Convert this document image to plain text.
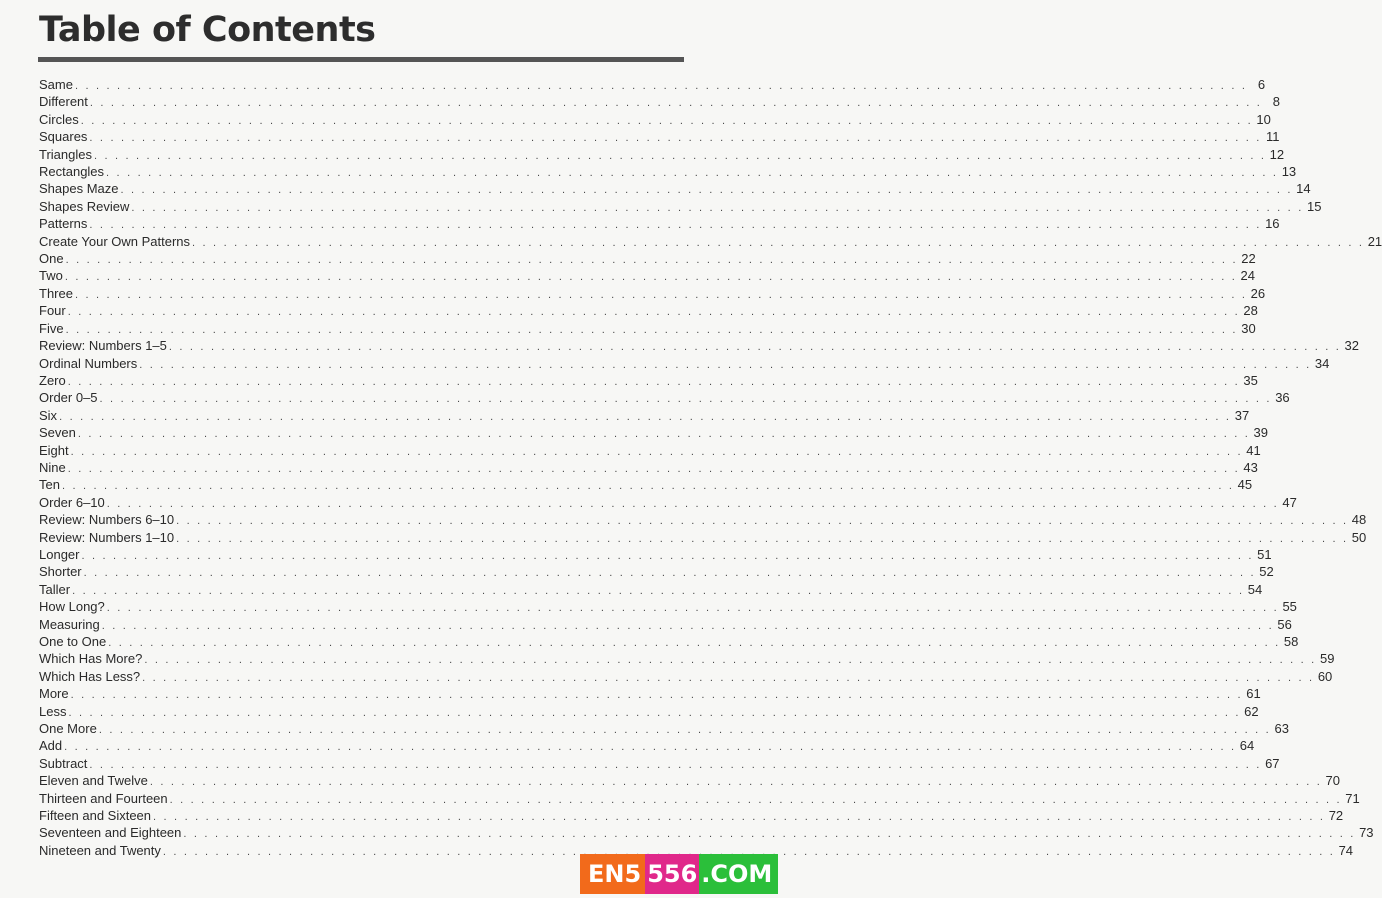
Table of Contents
Same . . .	6
Different . . .	8
Circles . . .	10
Squares . . .	11
Triangles . . .	12
Rectangles . . .	13
Shapes Maze . . .	14
Shapes Review . . .	15
Patterns . . .	16
Create Your Own Patterns . . .	21
One . . .	22
Two . . .	24
Three . . .	26
Four . . .	28
Five . . .	30
Review: Numbers 1–5 . . .	32
Ordinal Numbers . . .	34
Zero . . .	35
Order 0–5 . . .	36
Six . . .	37
Seven . . .	39
Eight . . .	41
Nine . . .	43
Ten . . .	45
Order 6–10 . . .	47
Review: Numbers 6–10 . . .	48
Review: Numbers 1–10 . . .	50
Longer . . .	51
Shorter . . .	52
Taller . . .	54
How Long? . . .	55
Measuring . . .	56
One to One . . .	58
Which Has More? . . .	59
Which Has Less? . . .	60
More . . .	61
Less . . .	62
One More . . .	63
Add . . .	64
Subtract . . .	67
Eleven and Twelve . . .	70
Thirteen and Fourteen . . .	71
Fifteen and Sixteen . . .	72
Seventeen and Eighteen . . .	73
Nineteen and Twenty . . .	74
EN5 556 .COM
